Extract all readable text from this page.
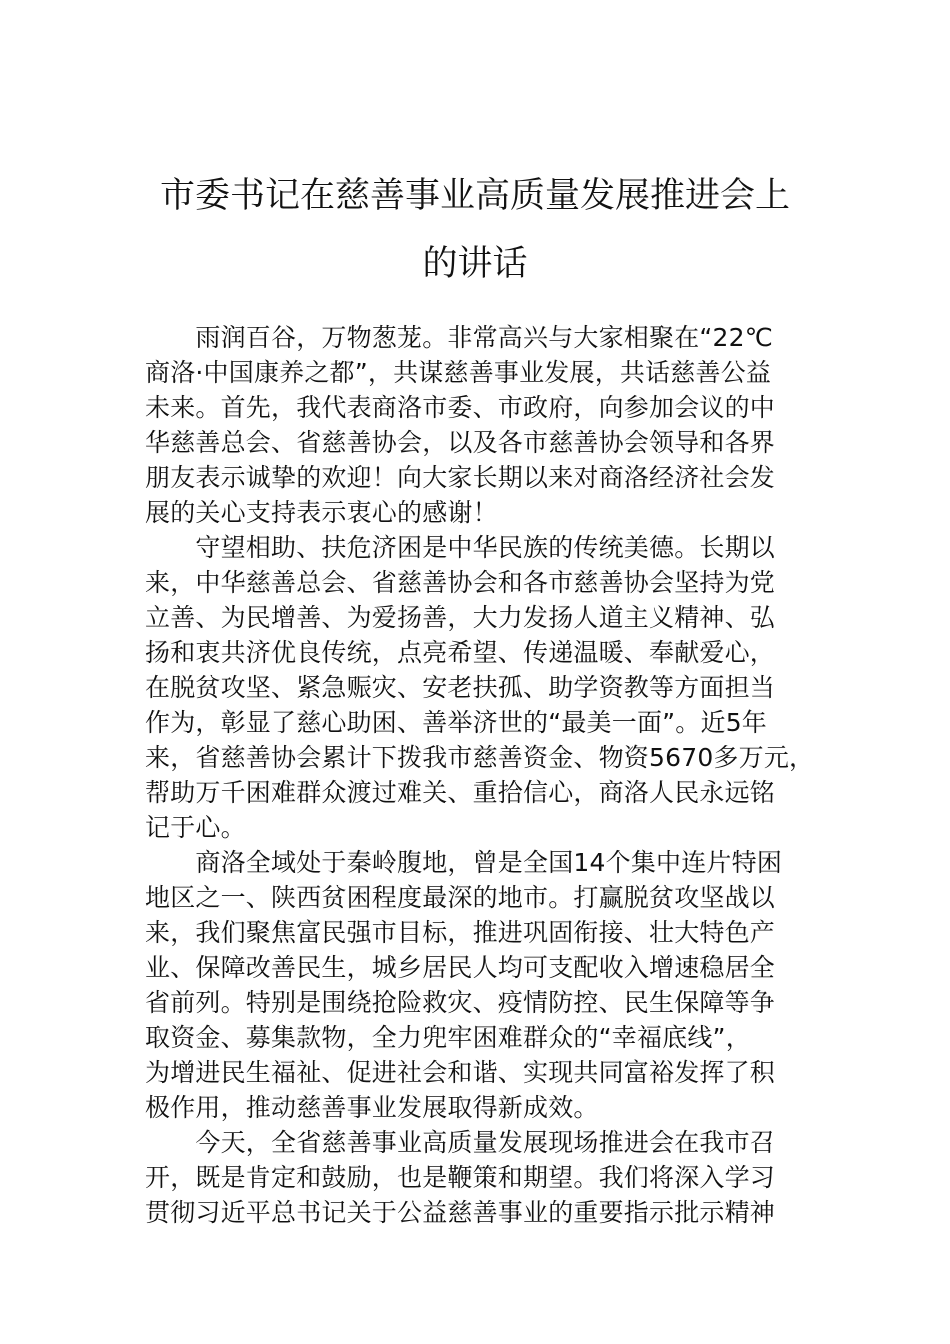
市委书记在慈善事业高质量发展推进会上
的讲话
　　雨润百谷，万物葱茏。非常高兴与大家相聚在“22℃
商洛·中国康养之都”，共谋慈善事业发展，共话慈善公益
未来。首先，我代表商洛市委、市政府，向参加会议的中
华慈善总会、省慈善协会，以及各市慈善协会领导和各界
朋友表示诚挚的欢迎！向大家长期以来对商洛经济社会发
展的关心支持表示衷心的感谢！
　　守望相助、扶危济困是中华民族的传统美德。长期以
来，中华慈善总会、省慈善协会和各市慈善协会坚持为党
立善、为民增善、为爱扬善，大力发扬人道主义精神、弘
扬和衷共济优良传统，点亮希望、传递温暖、奉献爱心，
在脱贫攻坚、紧急赈灾、安老扶孤、助学资教等方面担当
作为，彰显了慈心助困、善举济世的“最美一面”。近5年
来，省慈善协会累计下拨我市慈善资金、物资5670多万元，
帮助万千困难群众渡过难关、重拾信心，商洛人民永远铭
记于心。
　　商洛全域处于秦岭腹地，曾是全国14个集中连片特困
地区之一、陕西贫困程度最深的地市。打赢脱贫攻坚战以
来，我们聚焦富民强市目标，推进巩固衔接、壮大特色产
业、保障改善民生，城乡居民人均可支配收入增速稳居全
省前列。特别是围绕抢险救灾、疫情防控、民生保障等争
取资金、募集款物，全力兜牢困难群众的“幸福底线”，
为增进民生福祉、促进社会和谐、实现共同富裕发挥了积
极作用，推动慈善事业发展取得新成效。
　　今天，全省慈善事业高质量发展现场推进会在我市召
开，既是肯定和鼓励，也是鞭策和期望。我们将深入学习
贯彻习近平总书记关于公益慈善事业的重要指示批示精神
